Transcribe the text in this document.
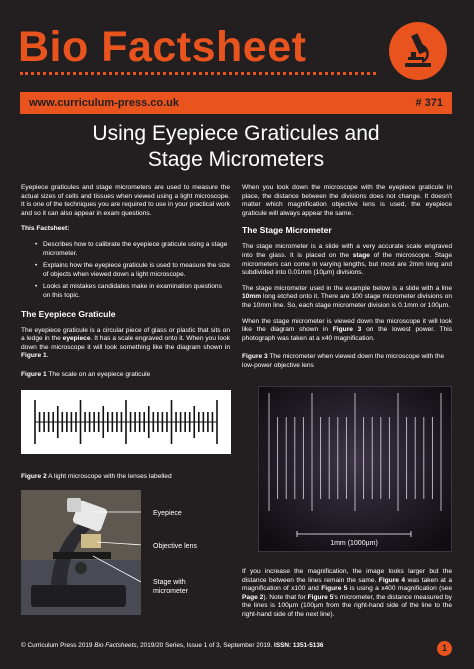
Bio Factsheet
www.curriculum-press.co.uk	# 371
Using Eyepiece Graticules and
Stage Micrometers

Eyepiece graticules and stage micrometers are used to measure the actual sizes of cells and tissues when viewed using a light microscope. It is one of the techniques you are required to use in your practical work and so it can also appear in exam questions.

This Factsheet:

• Describes how to calibrate the eyepiece graticule using a stage micrometer.
• Explains how the eyepiece graticule is used to measure the size of objects when viewed down a light microscope.
• Looks at mistakes candidates make in examination questions on this topic.
The Eyepiece Graticule

The eyepiece graticule is a circular piece of glass or plastic that sits on a ledge in the eyepiece. It has a scale engraved onto it. When you look down the microscope it will look something like the diagram shown in Figure 1.

Figure 1 The scale on an eyepiece graticule
Figure 2 A light microscope with the lenses labelled
Eyepiece
Objective lens
Stage with
micrometer

When you look down the microscope with the eyepiece graticule in place, the distance between the divisions does not change. It doesn't matter which magnification objective lens is used, the eyepiece graticule will always appear the same.

The Stage Micrometer

The stage micrometer is a slide with a very accurate scale engraved into the glass. It is placed on the stage of the microscope. Stage micrometers can come in varying lengths, but most are 2mm long and subdivided into 0.01mm (10µm) divisions.

The stage micrometer used in the example below is a slide with a line 10mm long etched onto it. There are 100 stage micrometer divisions on the 10mm line. So, each stage micrometer division is 0.1mm or 100µm.

When the stage micrometer is viewed down the microscope it will look like the diagram shown in Figure 3 on the lowest power. This photograph was taken at a x40 magnification.

Figure 3 The micrometer when viewed down the microscope with the low-power objective lens
1mm (1000µm)

If you increase the magnification, the image looks larger but the distance between the lines remain the same. Figure 4 was taken at a magnification of x100 and Figure 5 is using a x400 magnification (see Page 2). Note that for Figure 5's micrometer, the distance measured by the lines is 100µm (100µm from the right-hand side of the line to the right-hand side of the next line).

© Curriculum Press 2019 Bio Factsheets, 2019/20 Series, Issue 1 of 3, September 2019. ISSN: 1351-5136	1
